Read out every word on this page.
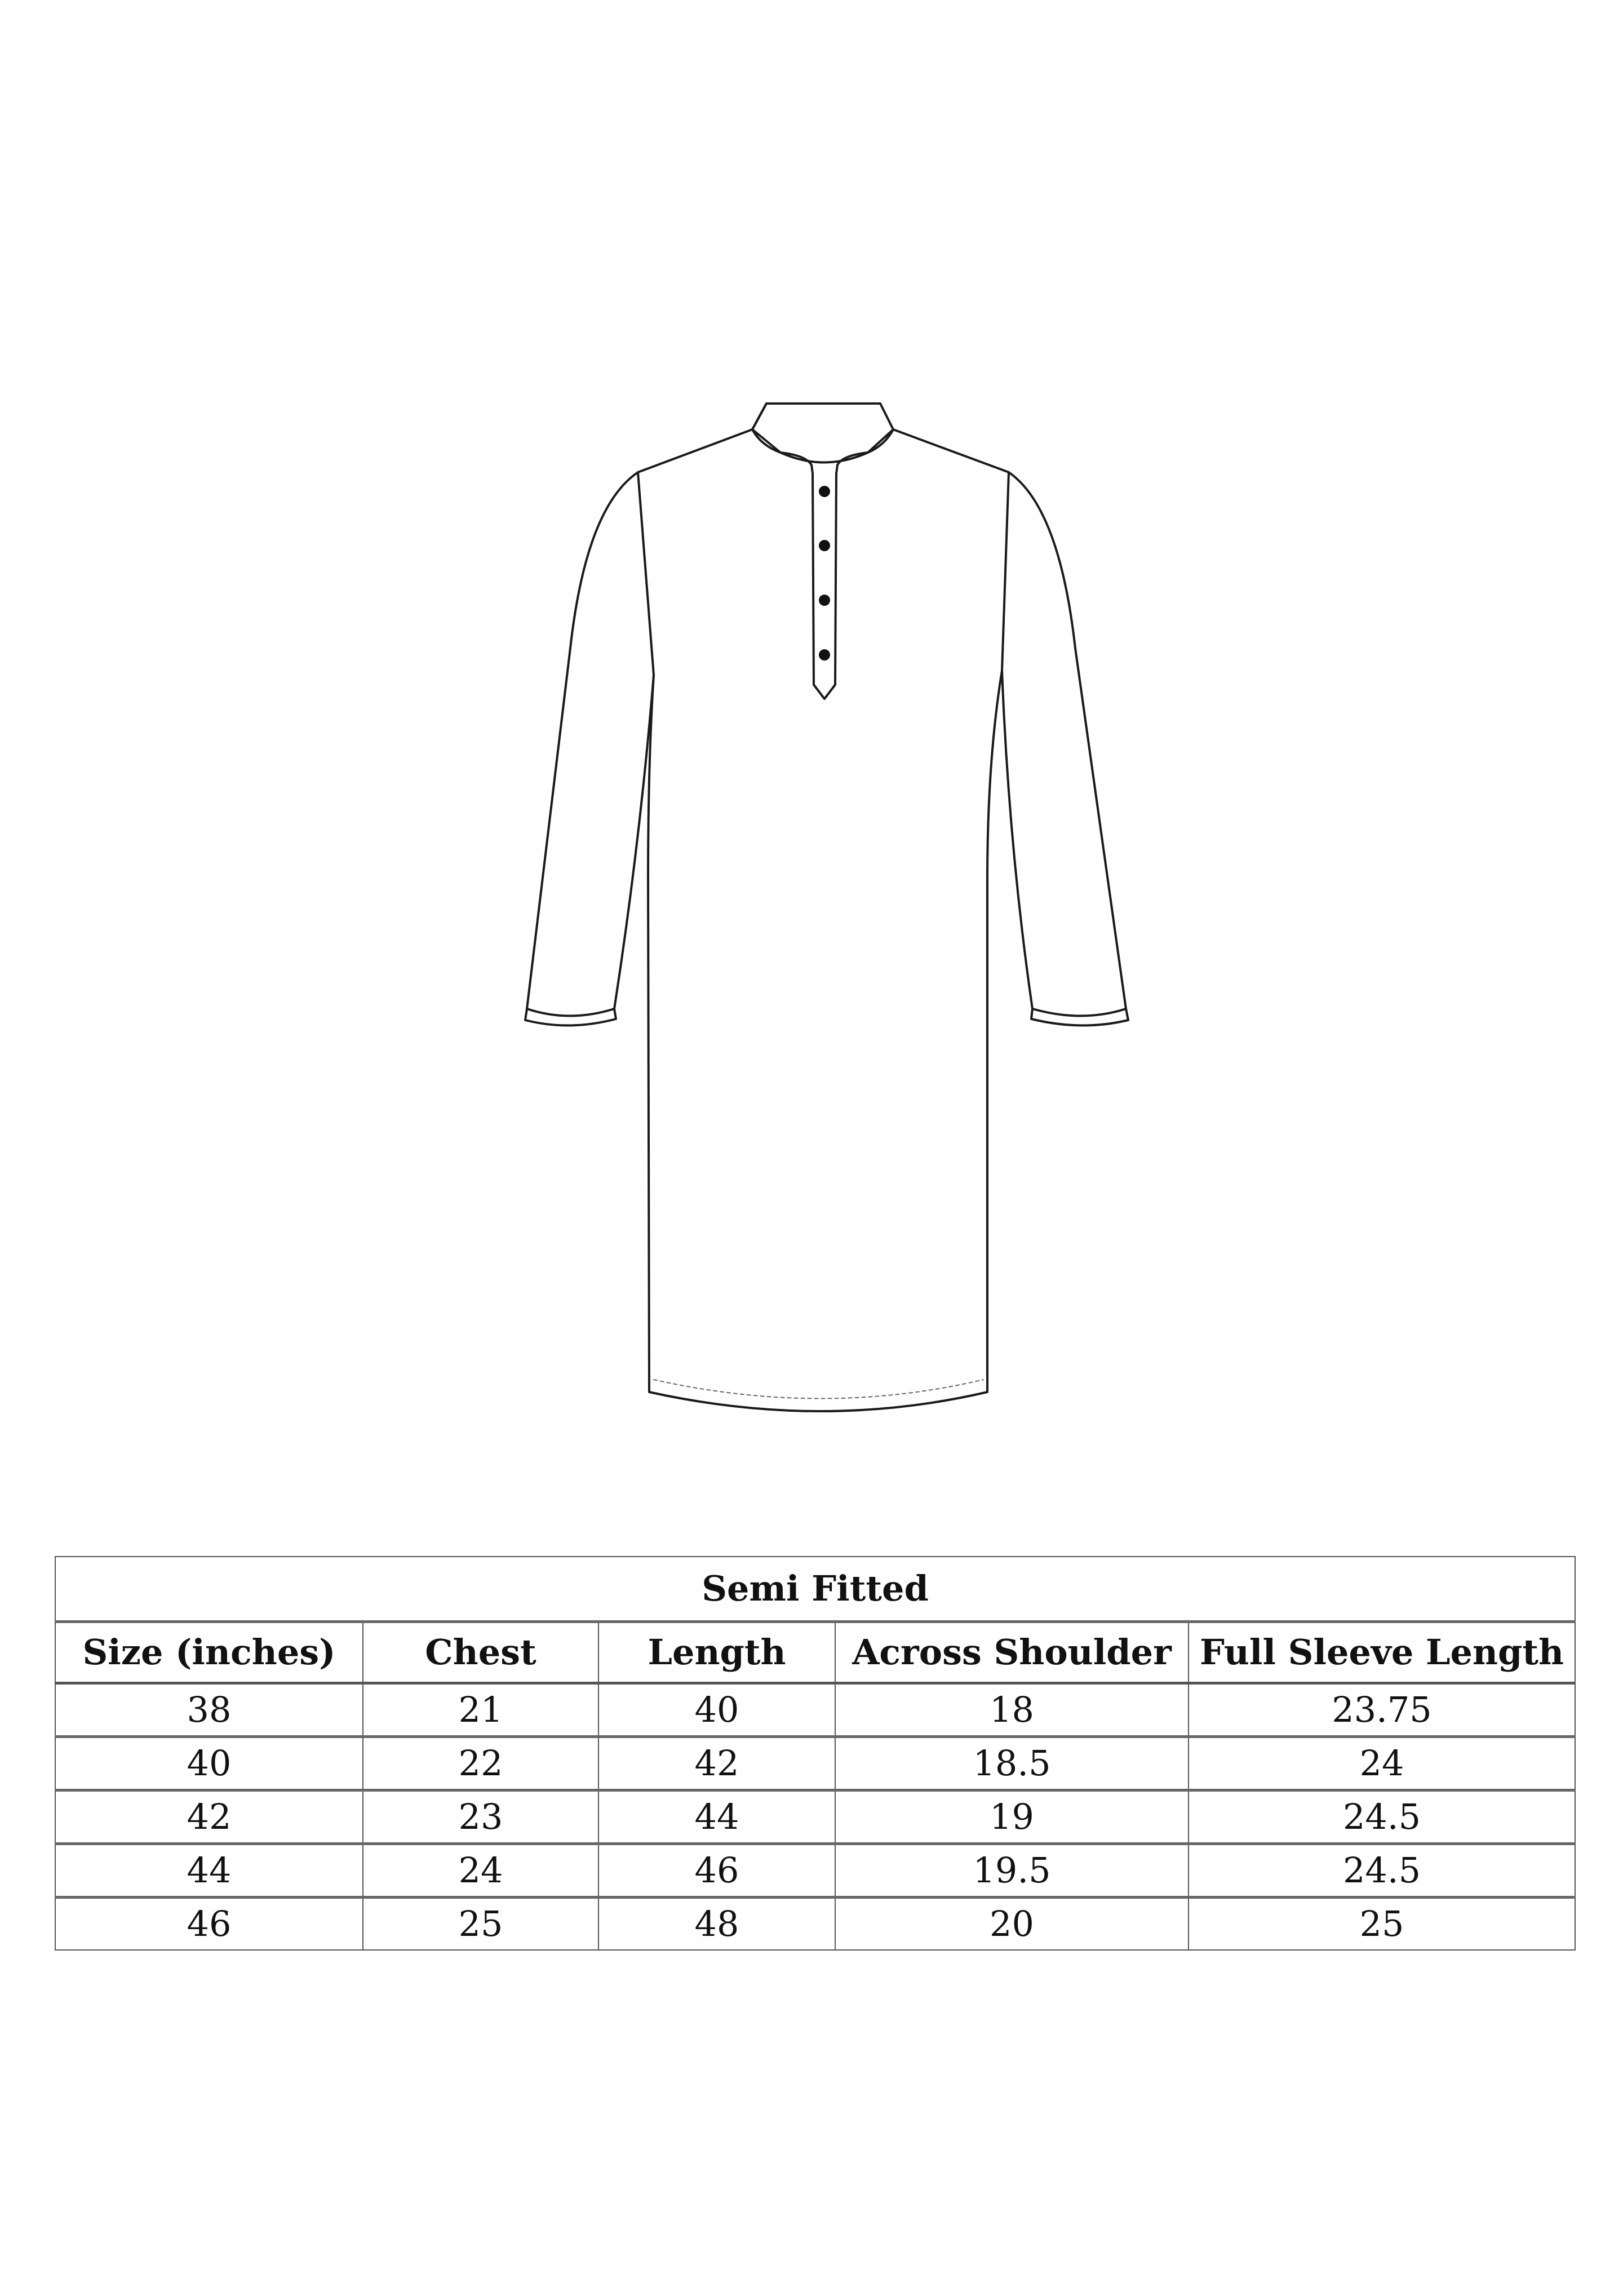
Semi Fitted				
Size (inches)	Chest	Length	Across Shoulder	Full Sleeve Length
38	21	40	18	23.75
40	22	42	18.5	24
42	23	44	19	24.5
44	24	46	19.5	24.5
46	25	48	20	25
